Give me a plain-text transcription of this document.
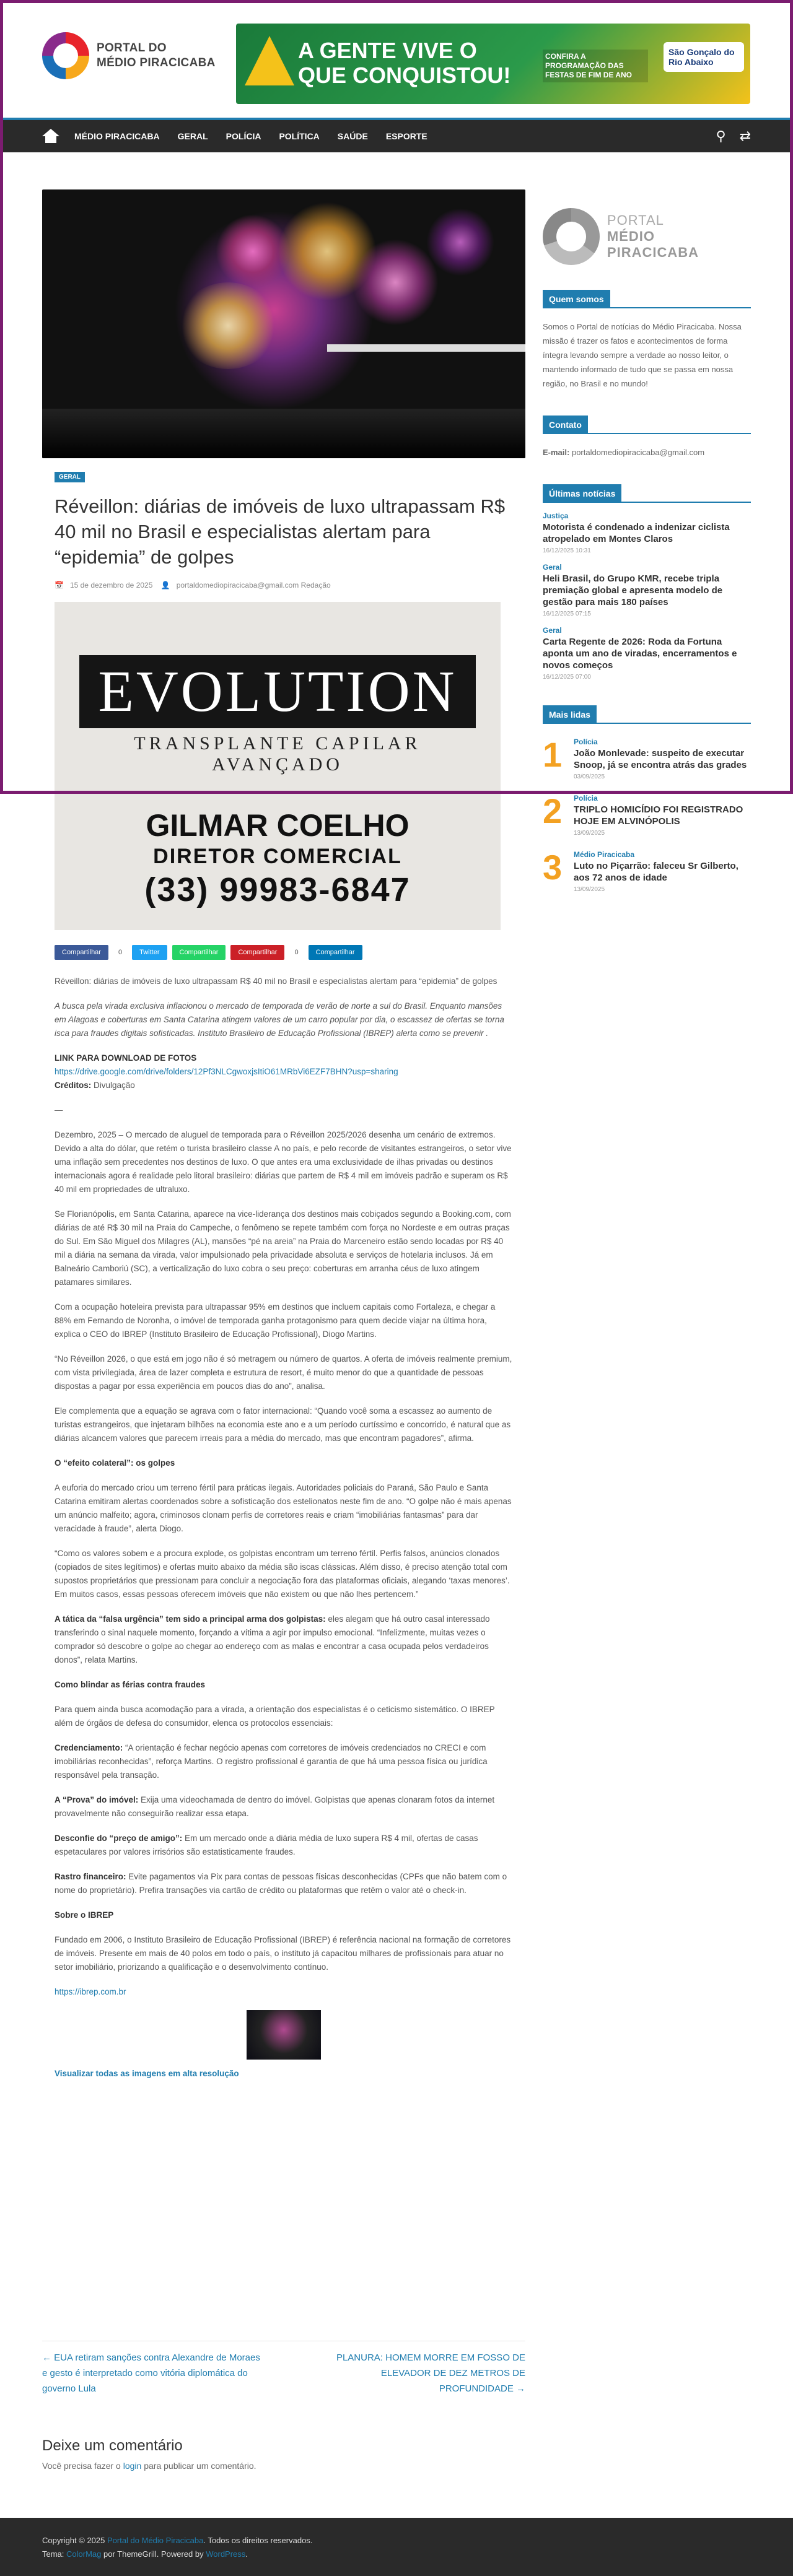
PORTAL DO
MÉDIO PIRACICABA	A GENTE VIVE O
QUE CONQUISTOU!
CONFIRA A PROGRAMAÇÃO DAS FESTAS DE FIM DE ANO
São Gonçalo do Rio Abaixo
MÉDIO PIRACICABA GERAL POLÍCIA POLÍTICA SAÚDE ESPORTE	⚲ ⇄
GERAL
Réveillon: diárias de imóveis de luxo ultrapassam R$ 40 mil no Brasil e especialistas alertam para “epidemia” de golpes
📅 15 de dezembro de 2025 👤 portaldomediopiracicaba@gmail.com Redação
EVOLUTION
TRANSPLANTE CAPILAR
AVANÇADO
GILMAR COELHO
DIRETOR COMERCIAL
(33) 99983-6847
Compartilhar	0	Twitter	Compartilhar	Compartilhar	0	Compartilhar

Réveillon: diárias de imóveis de luxo ultrapassam R$ 40 mil no Brasil e especialistas alertam para “epidemia” de golpes

A busca pela virada exclusiva inflacionou o mercado de temporada de verão de norte a sul do Brasil. Enquanto mansões em Alagoas e coberturas em Santa Catarina atingem valores de um carro popular por dia, o escassez de ofertas se torna isca para fraudes digitais sofisticadas. Instituto Brasileiro de Educação Profissional (IBREP) alerta como se prevenir .

LINK PARA DOWNLOAD DE FOTOS
https://drive.google.com/drive/folders/12Pf3NLCgwoxjsItiO61MRbVi6EZF7BHN?usp=sharing
Créditos: Divulgação

—

Dezembro, 2025 – O mercado de aluguel de temporada para o Réveillon 2025/2026 desenha um cenário de extremos. Devido a alta do dólar, que retém o turista brasileiro classe A no país, e pelo recorde de visitantes estrangeiros, o setor vive uma inflação sem precedentes nos destinos de luxo. O que antes era uma exclusividade de ilhas privadas ou destinos internacionais agora é realidade pelo litoral brasileiro: diárias que partem de R$ 4 mil em imóveis padrão e superam os R$ 40 mil em propriedades de ultraluxo.

Se Florianópolis, em Santa Catarina, aparece na vice-liderança dos destinos mais cobiçados segundo a Booking.com, com diárias de até R$ 30 mil na Praia do Campeche, o fenômeno se repete também com força no Nordeste e em outras praças do Sul. Em São Miguel dos Milagres (AL), mansões “pé na areia” na Praia do Marceneiro estão sendo locadas por R$ 40 mil a diária na semana da virada, valor impulsionado pela privacidade absoluta e serviços de hotelaria inclusos. Já em Balneário Camboriú (SC), a verticalização do luxo cobra o seu preço: coberturas em arranha céus de luxo atingem patamares similares.

Com a ocupação hoteleira prevista para ultrapassar 95% em destinos que incluem capitais como Fortaleza, e chegar a 88% em Fernando de Noronha, o imóvel de temporada ganha protagonismo para quem decide viajar na última hora, explica o CEO do IBREP (Instituto Brasileiro de Educação Profissional), Diogo Martins.

“No Réveillon 2026, o que está em jogo não é só metragem ou número de quartos. A oferta de imóveis realmente premium, com vista privilegiada, área de lazer completa e estrutura de resort, é muito menor do que a quantidade de pessoas dispostas a pagar por essa experiência em poucos dias do ano”, analisa.

Ele complementa que a equação se agrava com o fator internacional: “Quando você soma a escassez ao aumento de turistas estrangeiros, que injetaram bilhões na economia este ano e a um período curtíssimo e concorrido, é natural que as diárias alcancem valores que parecem irreais para a média do mercado, mas que encontram pagadores”, afirma.

O “efeito colateral”: os golpes

A euforia do mercado criou um terreno fértil para práticas ilegais. Autoridades policiais do Paraná, São Paulo e Santa Catarina emitiram alertas coordenados sobre a sofisticação dos estelionatos neste fim de ano. “O golpe não é mais apenas um anúncio malfeito; agora, criminosos clonam perfis de corretores reais e criam “imobiliárias fantasmas” para dar veracidade à fraude”, alerta Diogo.

“Como os valores sobem e a procura explode, os golpistas encontram um terreno fértil. Perfis falsos, anúncios clonados (copiados de sites legítimos) e ofertas muito abaixo da média são iscas clássicas. Além disso, é preciso atenção total com supostos proprietários que pressionam para concluir a negociação fora das plataformas oficiais, alegando ‘taxas menores’. Em muitos casos, essas pessoas oferecem imóveis que não existem ou que não lhes pertencem.”

A tática da “falsa urgência” tem sido a principal arma dos golpistas: eles alegam que há outro casal interessado transferindo o sinal naquele momento, forçando a vítima a agir por impulso emocional. “Infelizmente, muitas vezes o comprador só descobre o golpe ao chegar ao endereço com as malas e encontrar a casa ocupada pelos verdadeiros donos”, relata Martins.

Como blindar as férias contra fraudes

Para quem ainda busca acomodação para a virada, a orientação dos especialistas é o ceticismo sistemático. O IBREP além de órgãos de defesa do consumidor, elenca os protocolos essenciais:

Credenciamento: “A orientação é fechar negócio apenas com corretores de imóveis credenciados no CRECI e com imobiliárias reconhecidas”, reforça Martins. O registro profissional é garantia de que há uma pessoa física ou jurídica responsável pela transação.

A “Prova” do imóvel: Exija uma videochamada de dentro do imóvel. Golpistas que apenas clonaram fotos da internet provavelmente não conseguirão realizar essa etapa.

Desconfie do “preço de amigo”: Em um mercado onde a diária média de luxo supera R$ 4 mil, ofertas de casas espetaculares por valores irrisórios são estatisticamente fraudes.

Rastro financeiro: Evite pagamentos via Pix para contas de pessoas físicas desconhecidas (CPFs que não batem com o nome do proprietário). Prefira transações via cartão de crédito ou plataformas que retêm o valor até o check-in.

Sobre o IBREP

Fundado em 2006, o Instituto Brasileiro de Educação Profissional (IBREP) é referência nacional na formação de corretores de imóveis. Presente em mais de 40 polos em todo o país, o instituto já capacitou milhares de profissionais para atuar no setor imobiliário, priorizando a qualificação e o desenvolvimento contínuo.

https://ibrep.com.br

Visualizar todas as imagens em alta resolução

← EUA retiram sanções contra Alexandre de Moraes e gesto é interpretado como vitória diplomática do governo Lula
PLANURA: HOMEM MORRE EM FOSSO DE ELEVADOR DE DEZ METROS DE PROFUNDIDADE →
Deixe um comentário

Você precisa fazer o login para publicar um comentário.

PORTAL
MÉDIO PIRACICABA
Quem somos

Somos o Portal de notícias do Médio Piracicaba. Nossa missão é trazer os fatos e acontecimentos de forma íntegra levando sempre a verdade ao nosso leitor, o mantendo informado de tudo que se passa em nossa região, no Brasil e no mundo!

Contato

E-mail: portaldomediopiracicaba@gmail.com

Últimas notícias
Justiça
Motorista é condenado a indenizar ciclista atropelado em Montes Claros
16/12/2025 10:31
Geral
Heli Brasil, do Grupo KMR, recebe tripla premiação global e apresenta modelo de gestão para mais 180 países
16/12/2025 07:15
Geral
Carta Regente de 2026: Roda da Fortuna aponta um ano de viradas, encerramentos e novos começos
16/12/2025 07:00
Mais lidas
1	Polícia
João Monlevade: suspeito de executar Snoop, já se encontra atrás das grades
03/09/2025
2	Polícia
TRIPLO HOMICÍDIO FOI REGISTRADO HOJE EM ALVINÓPOLIS
13/09/2025
3	Médio Piracicaba
Luto no Piçarrão: faleceu Sr Gilberto, aos 72 anos de idade
13/09/2025
Copyright © 2025 Portal do Médio Piracicaba. Todos os direitos reservados.
Tema: ColorMag por ThemeGrill. Powered by WordPress.
